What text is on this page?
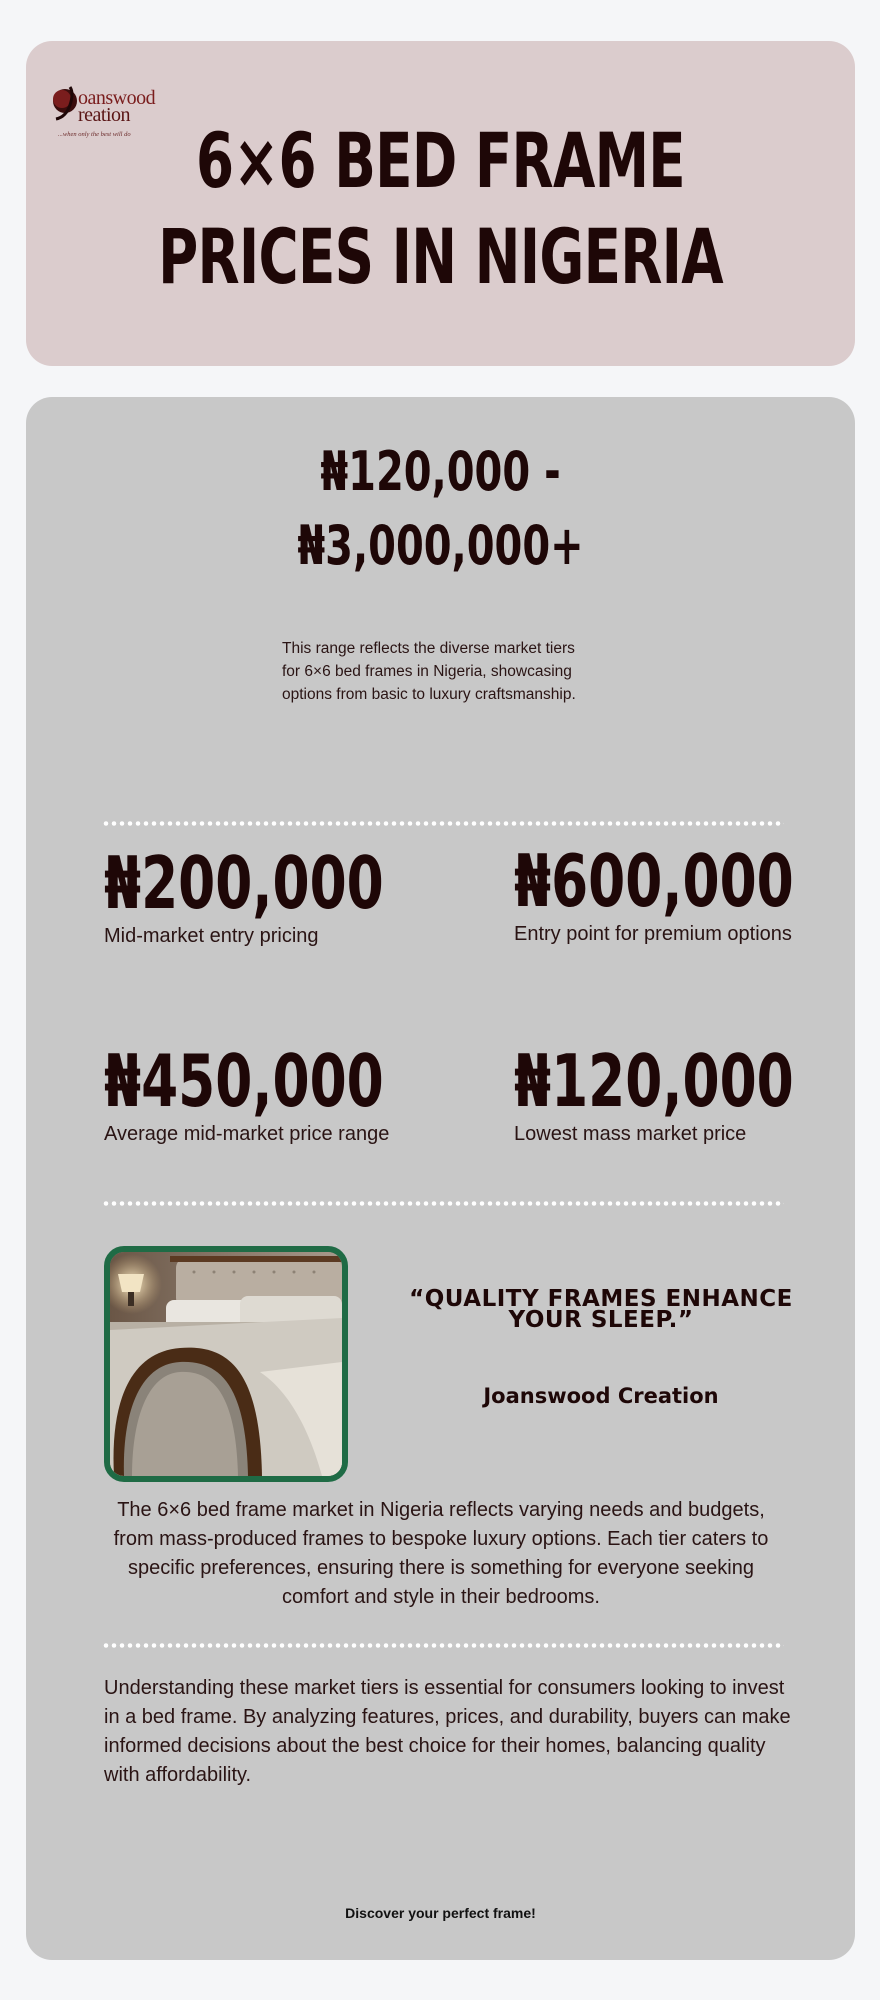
oanswood
reation
...when only the best will do 6×6 BED FRAME
PRICES IN NIGERIA
₦120,000 -
₦3,000,000+
This range reflects the diverse market tiers for 6×6 bed frames in Nigeria, showcasing options from basic to luxury craftsmanship.
₦200,000
Mid-market entry pricing
₦600,000
Entry point for premium options
₦450,000
Average mid-market price range
₦120,000
Lowest mass market price
“QUALITY FRAMES ENHANCE YOUR SLEEP.”
Joanswood Creation
The 6×6 bed frame market in Nigeria reflects varying needs and budgets, from mass-produced frames to bespoke luxury options. Each tier caters to specific preferences, ensuring there is something for everyone seeking comfort and style in their bedrooms.
Understanding these market tiers is essential for consumers looking to invest in a bed frame. By analyzing features, prices, and durability, buyers can make informed decisions about the best choice for their homes, balancing quality with affordability.
Discover your perfect frame!
